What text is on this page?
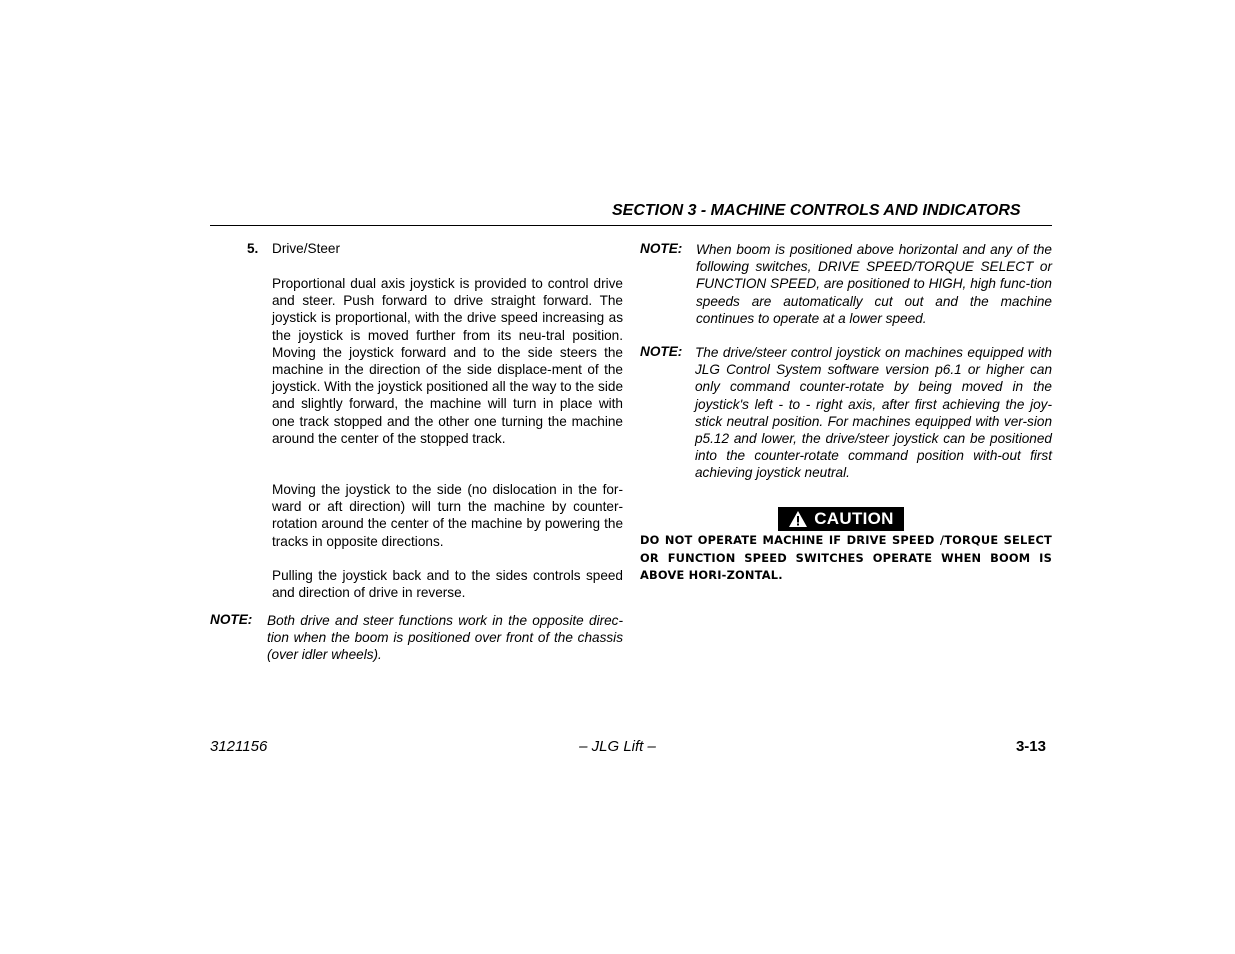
SECTION 3 - MACHINE CONTROLS AND INDICATORS
5. Drive/Steer
Proportional dual axis joystick is provided to control drive and steer. Push forward to drive straight forward. The joystick is proportional, with the drive speed increasing as the joystick is moved further from its neu-tral position. Moving the joystick forward and to the side steers the machine in the direction of the side displace-ment of the joystick. With the joystick positioned all the way to the side and slightly forward, the machine will turn in place with one track stopped and the other one turning the machine around the center of the stopped track.
Moving the joystick to the side (no dislocation in the for-ward or aft direction) will turn the machine by counter-rotation around the center of the machine by powering the tracks in opposite directions.
Pulling the joystick back and to the sides controls speed and direction of drive in reverse.
NOTE: Both drive and steer functions work in the opposite direc-tion when the boom is positioned over front of the chassis (over idler wheels).
NOTE: When boom is positioned above horizontal and any of the following switches, DRIVE SPEED/TORQUE SELECT or FUNCTION SPEED, are positioned to HIGH, high func-tion speeds are automatically cut out and the machine continues to operate at a lower speed.
NOTE: The drive/steer control joystick on machines equipped with JLG Control System software version p6.1 or higher can only command counter-rotate by being moved in the joystick's left - to - right axis, after first achieving the joy-stick neutral position. For machines equipped with ver-sion p5.12 and lower, the drive/steer joystick can be positioned into the counter-rotate command position with-out first achieving joystick neutral.
CAUTION
DO NOT OPERATE MACHINE IF DRIVE SPEED /TORQUE SELECT OR FUNCTION SPEED SWITCHES OPERATE WHEN BOOM IS ABOVE HORI-ZONTAL.
3121156	– JLG Lift –	3-13
